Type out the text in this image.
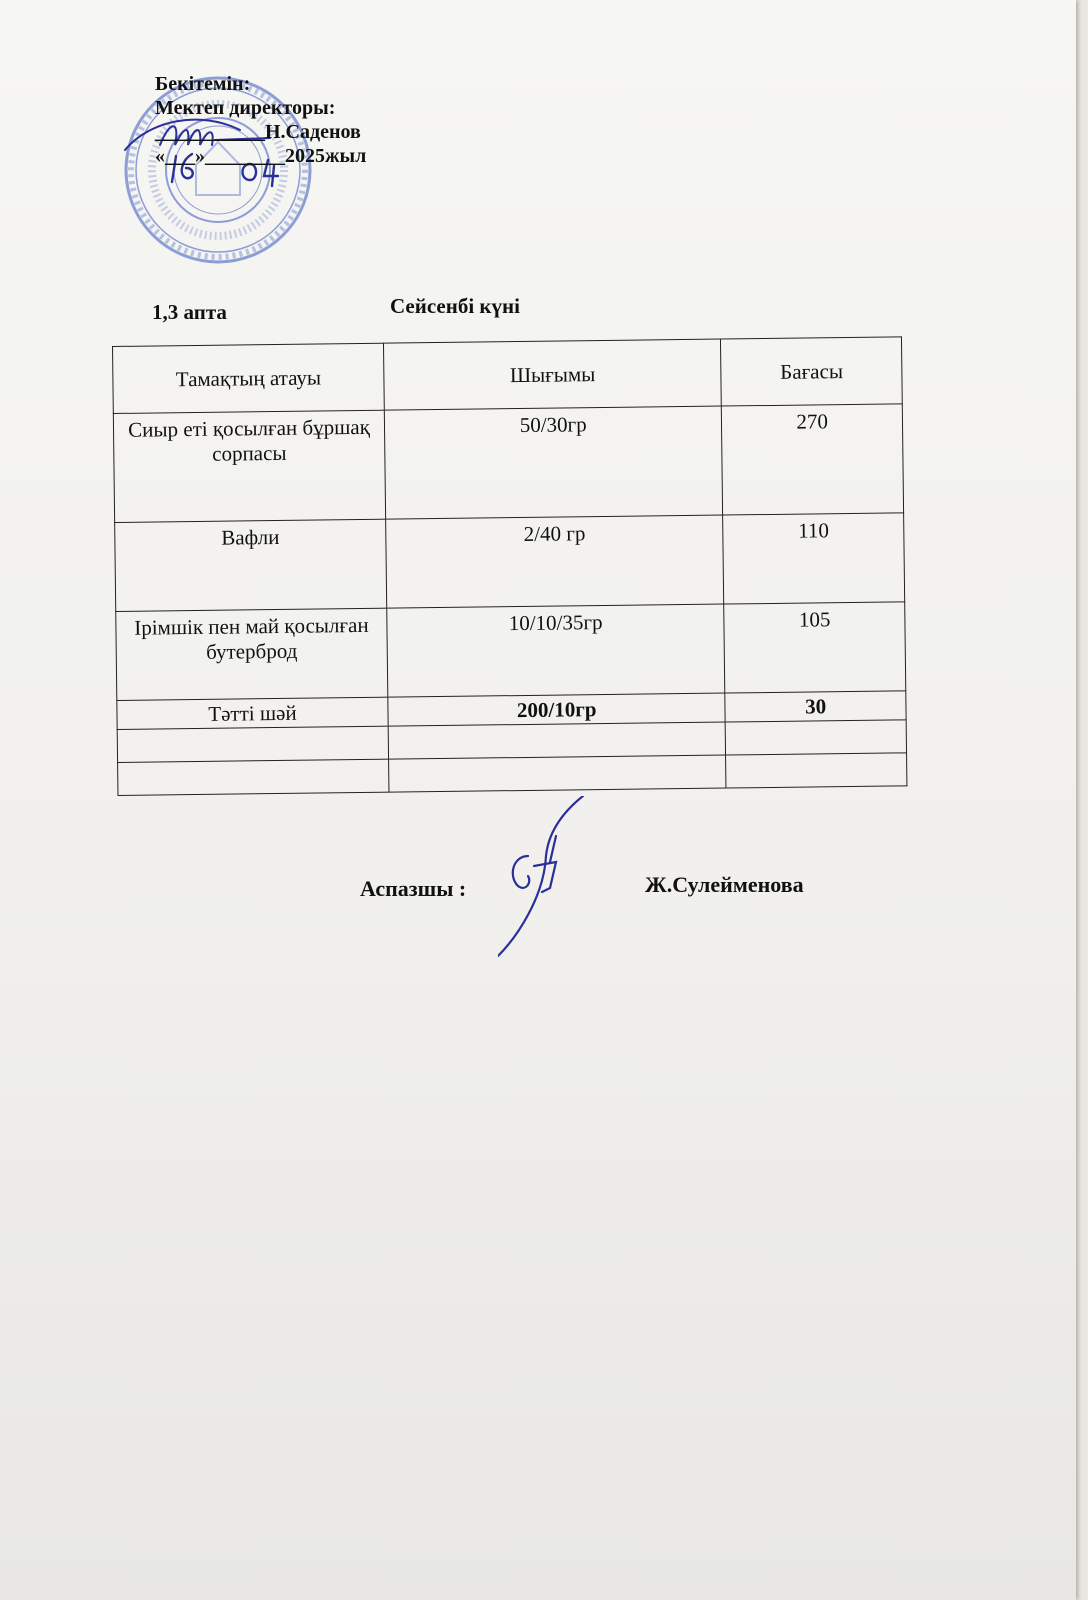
Бекітемін:
Мектеп директоры:
___________Н.Саденов
«___»________2025жыл
1,3 апта	Сейсенбі күні
Тамақтың атауы	Шығымы	Бағасы
Сиыр еті қосылған бұршақ сорпасы	50/30гр	270
Вафли	2/40 гр	110
Ірімшік пен май қосылған бутерброд	10/10/35гр	105
Тәтті шәй	200/10гр	30

Аспазшы :	Ж.Сулейменова
